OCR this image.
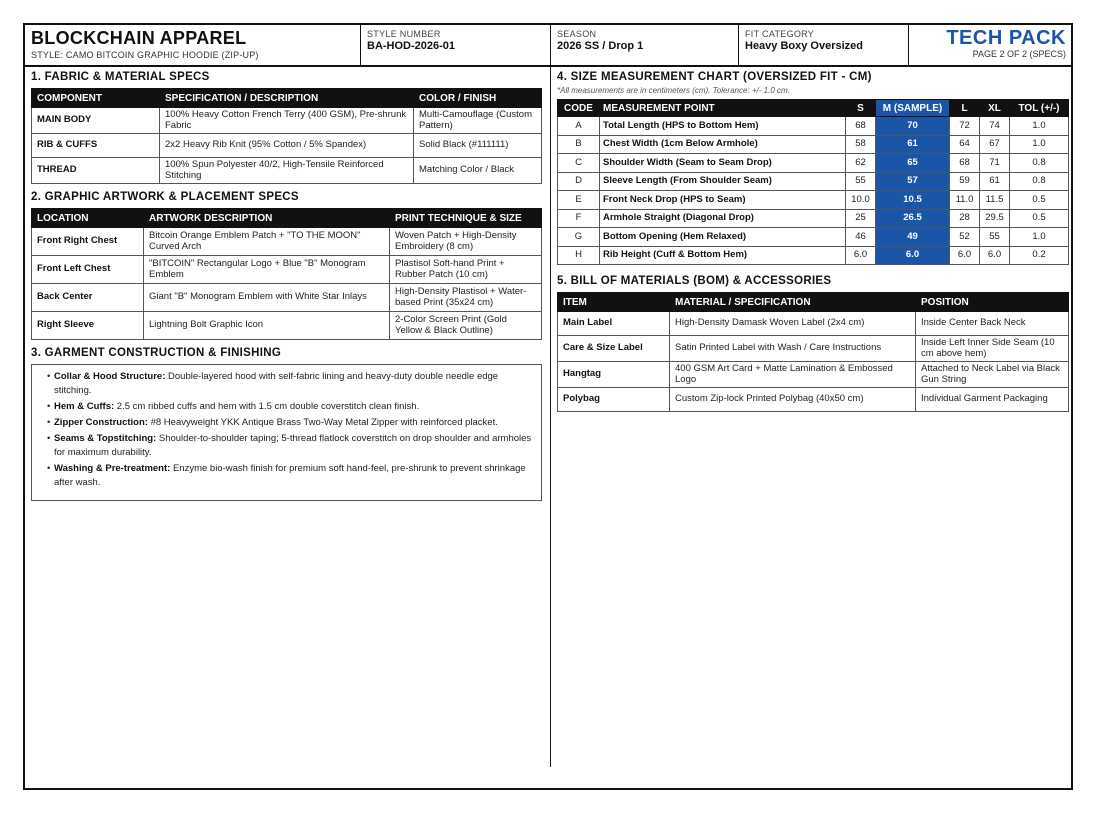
BLOCKCHAIN APPAREL
STYLE: CAMO BITCOIN GRAPHIC HOODIE (ZIP-UP)
STYLE NUMBER
BA-HOD-2026-01
SEASON
2026 SS / Drop 1
FIT CATEGORY
Heavy Boxy Oversized	TECH PACK
PAGE 2 OF 2 (SPECS)
1. FABRIC & MATERIAL SPECS
COMPONENT	SPECIFICATION / DESCRIPTION	COLOR / FINISH
MAIN BODY	100% Heavy Cotton French Terry (400 GSM), Pre-shrunk Fabric	Multi-Camouflage (Custom Pattern)
RIB & CUFFS	2x2 Heavy Rib Knit (95% Cotton / 5% Spandex)	Solid Black (#111111)
THREAD	100% Spun Polyester 40/2, High-Tensile Reinforced Stitching	Matching Color / Black
2. GRAPHIC ARTWORK & PLACEMENT SPECS
LOCATION	ARTWORK DESCRIPTION	PRINT TECHNIQUE & SIZE
Front Right Chest	Bitcoin Orange Emblem Patch + "TO THE MOON" Curved Arch	Woven Patch + High-Density Embroidery (8 cm)
Front Left Chest	"BITCOIN" Rectangular Logo + Blue "B" Monogram Emblem	Plastisol Soft-hand Print + Rubber Patch (10 cm)
Back Center	Giant "B" Monogram Emblem with White Star Inlays	High-Density Plastisol + Water-based Print (35x24 cm)
Right Sleeve	Lightning Bolt Graphic Icon	2-Color Screen Print (Gold Yellow & Black Outline)
3. GARMENT CONSTRUCTION & FINISHING
• Collar & Hood Structure: Double-layered hood with self-fabric lining and heavy-duty double needle edge stitching.
• Hem & Cuffs: 2.5 cm ribbed cuffs and hem with 1.5 cm double coverstitch clean finish.
• Zipper Construction: #8 Heavyweight YKK Antique Brass Two-Way Metal Zipper with reinforced placket.
• Seams & Topstitching: Shoulder-to-shoulder taping; 5-thread flatlock coverstitch on drop shoulder and armholes for maximum durability.
• Washing & Pre-treatment: Enzyme bio-wash finish for premium soft hand-feel, pre-shrunk to prevent shrinkage after wash.
4. SIZE MEASUREMENT CHART (OVERSIZED FIT - CM)
*All measurements are in centimeters (cm). Tolerance: +/- 1.0 cm.
CODE	MEASUREMENT POINT	S	M (SAMPLE)	L	XL	TOL (+/-)
A	Total Length (HPS to Bottom Hem)	68	70	72	74	1.0
B	Chest Width (1cm Below Armhole)	58	61	64	67	1.0
C	Shoulder Width (Seam to Seam Drop)	62	65	68	71	0.8
D	Sleeve Length (From Shoulder Seam)	55	57	59	61	0.8
E	Front Neck Drop (HPS to Seam)	10.0	10.5	11.0	11.5	0.5
F	Armhole Straight (Diagonal Drop)	25	26.5	28	29.5	0.5
G	Bottom Opening (Hem Relaxed)	46	49	52	55	1.0
H	Rib Height (Cuff & Bottom Hem)	6.0	6.0	6.0	6.0	0.2
5. BILL OF MATERIALS (BOM) & ACCESSORIES
ITEM	MATERIAL / SPECIFICATION	POSITION
Main Label	High-Density Damask Woven Label (2x4 cm)	Inside Center Back Neck
Care & Size Label	Satin Printed Label with Wash / Care Instructions	Inside Left Inner Side Seam (10 cm above hem)
Hangtag	400 GSM Art Card + Matte Lamination & Embossed Logo	Attached to Neck Label via Black Gun String
Polybag	Custom Zip-lock Printed Polybag (40x50 cm)	Individual Garment Packaging
